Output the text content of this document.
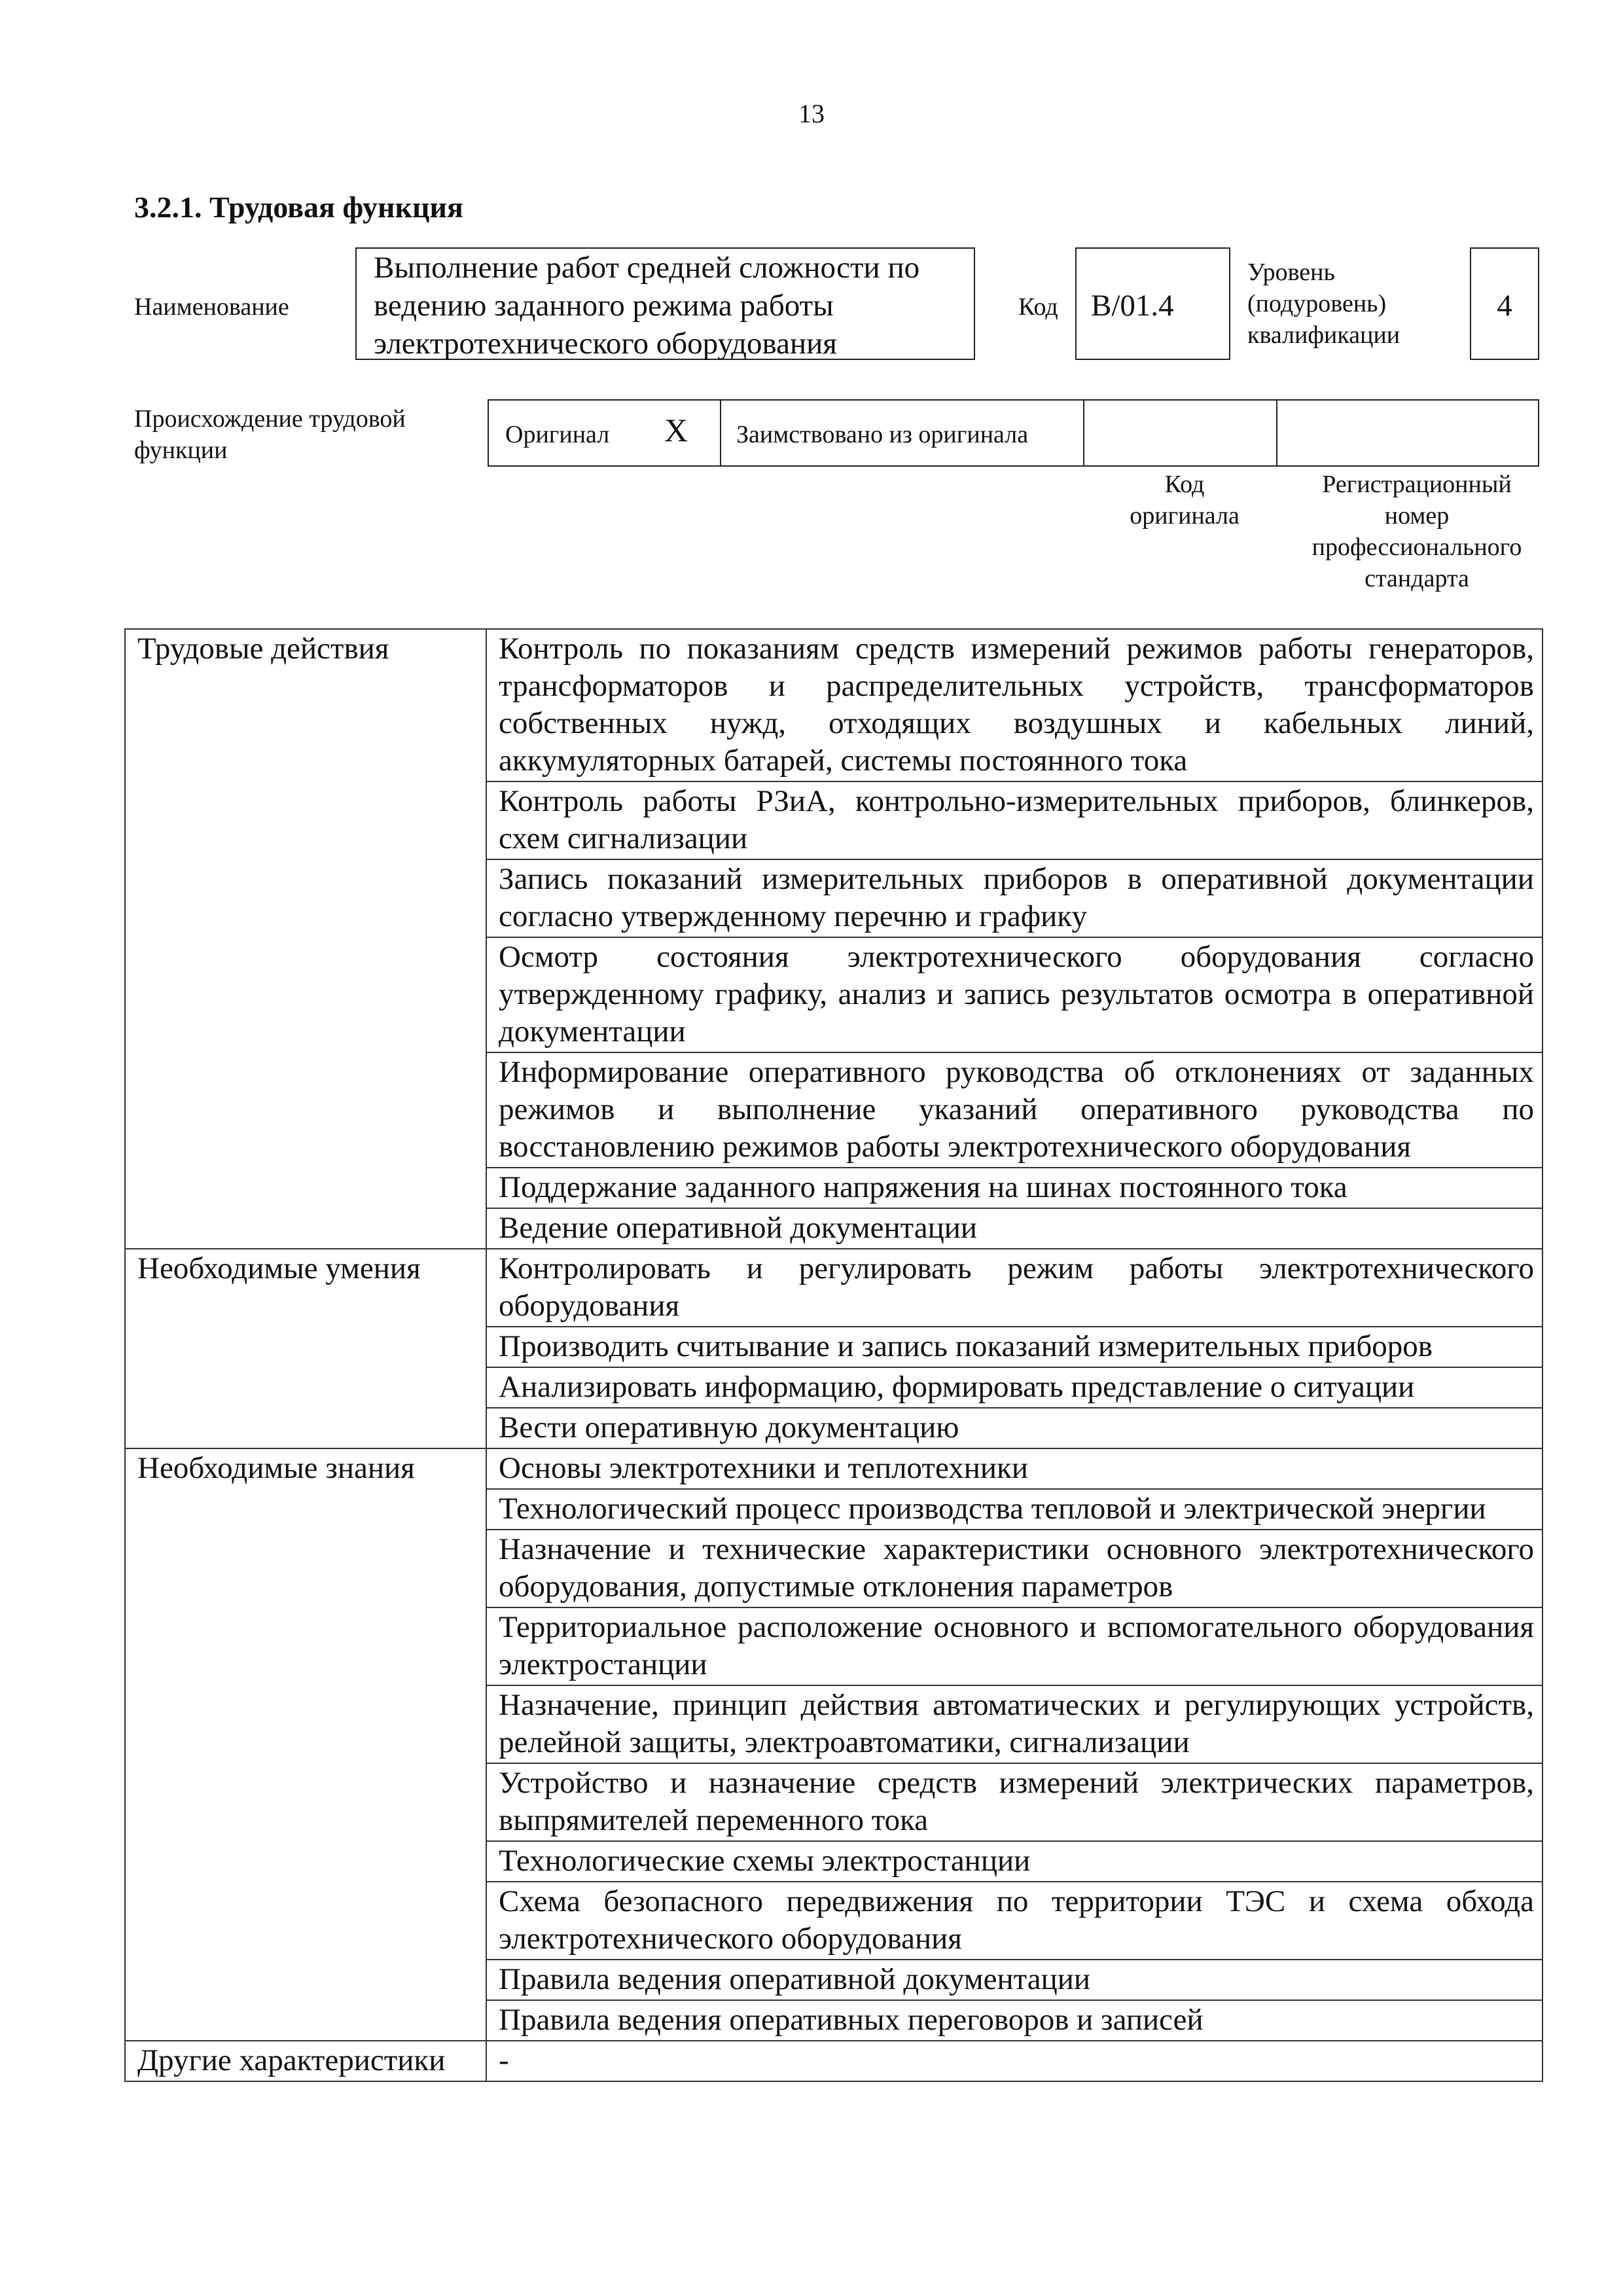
13
3.2.1. Трудовая функция
Наименование
Выполнение работ средней сложности по ведению заданного режима работы электротехнического оборудования
Код B/01.4
Уровень (подуровень) квалификации
4
Происхождение трудовой функции
Оригинал X Заимствовано из оригинала
Код оригинала
Регистрационный номер профессионального стандарта
Трудовые действия	Контроль по показаниям средств измерений режимов работы генераторов, трансформаторов и распределительных устройств, трансформаторов собственных нужд, отходящих воздушных и кабельных линий, аккумуляторных батарей, системы постоянного тока
	Контроль работы РЗиА, контрольно-измерительных приборов, блинкеров, схем сигнализации
	Запись показаний измерительных приборов в оперативной документации согласно утвержденному перечню и графику
	Осмотр состояния электротехнического оборудования согласно утвержденному графику, анализ и запись результатов осмотра в оперативной документации
	Информирование оперативного руководства об отклонениях от заданных режимов и выполнение указаний оперативного руководства по восстановлению режимов работы электротехнического оборудования
	Поддержание заданного напряжения на шинах постоянного тока
	Ведение оперативной документации
Необходимые умения	Контролировать и регулировать режим работы электротехнического оборудования
	Производить считывание и запись показаний измерительных приборов
	Анализировать информацию, формировать представление о ситуации
	Вести оперативную документацию
Необходимые знания	Основы электротехники и теплотехники
	Технологический процесс производства тепловой и электрической энергии
	Назначение и технические характеристики основного электротехнического оборудования, допустимые отклонения параметров
	Территориальное расположение основного и вспомогательного оборудования электростанции
	Назначение, принцип действия автоматических и регулирующих устройств, релейной защиты, электроавтоматики, сигнализации
	Устройство и назначение средств измерений электрических параметров, выпрямителей переменного тока
	Технологические схемы электростанции
	Схема безопасного передвижения по территории ТЭС и схема обхода электротехнического оборудования
	Правила ведения оперативной документации
	Правила ведения оперативных переговоров и записей
Другие характеристики	-
